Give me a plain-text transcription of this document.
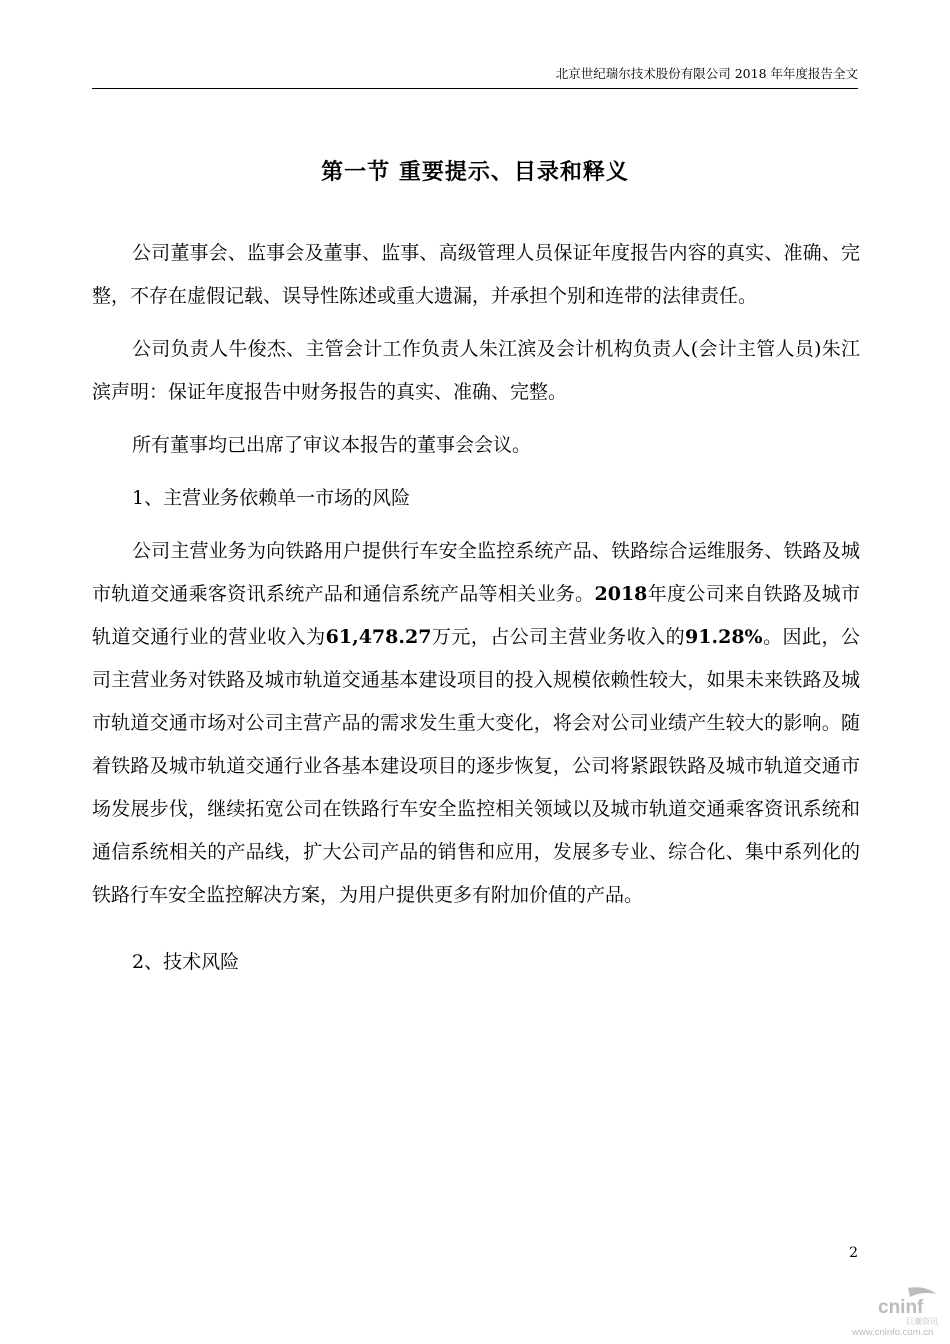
北京世纪瑞尔技术股份有限公司 2018 年年度报告全文
第一节 重要提示、目录和释义

公司董事会、监事会及董事、监事、高级管理人员保证年度报告内容的真实、准确、完整，不存在虚假记载、误导性陈述或重大遗漏，并承担个别和连带的法律责任。

公司负责人牛俊杰、主管会计工作负责人朱江滨及会计机构负责人(会计主管人员)朱江滨声明：保证年度报告中财务报告的真实、准确、完整。

所有董事均已出席了审议本报告的董事会会议。

1、主营业务依赖单一市场的风险

公司主营业务为向铁路用户提供行车安全监控系统产品、铁路综合运维服务、铁路及城市轨道交通乘客资讯系统产品和通信系统产品等相关业务。2018年度公司来自铁路及城市轨道交通行业的营业收入为61,478.27万元，占公司主营业务收入的91.28%。因此，公司主营业务对铁路及城市轨道交通基本建设项目的投入规模依赖性较大，如果未来铁路及城市轨道交通市场对公司主营产品的需求发生重大变化，将会对公司业绩产生较大的影响。随着铁路及城市轨道交通行业各基本建设项目的逐步恢复，公司将紧跟铁路及城市轨道交通市场发展步伐，继续拓宽公司在铁路行车安全监控相关领域以及城市轨道交通乘客资讯系统和通信系统相关的产品线，扩大公司产品的销售和应用，发展多专业、综合化、集中系列化的铁路行车安全监控解决方案，为用户提供更多有附加价值的产品。

2、技术风险

2
cninf
巨潮资讯
www.cninfo.com.cn
